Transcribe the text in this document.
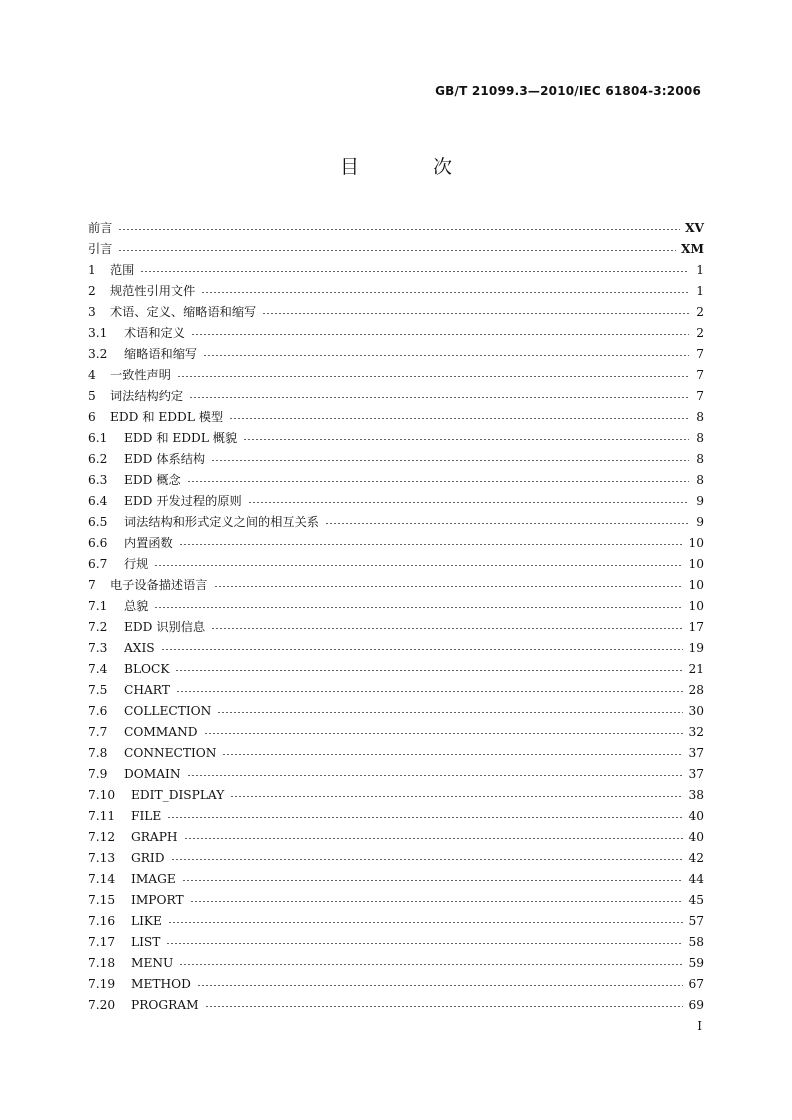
GB/T 21099.3—2010/IEC 61804-3:2006
目 次
前言	XV
引言	XM
1	范围	1
2	规范性引用文件	1
3	术语、定义、缩略语和缩写	2
3.1	术语和定义	2
3.2	缩略语和缩写	7
4	一致性声明	7
5	词法结构约定	7
6	EDD 和 EDDL 模型	8
6.1	EDD 和 EDDL 概貌	8
6.2	EDD 体系结构	8
6.3	EDD 概念	8
6.4	EDD 开发过程的原则	9
6.5	词法结构和形式定义之间的相互关系	9
6.6	内置函数	10
6.7	行规	10
7	电子设备描述语言	10
7.1	总貌	10
7.2	EDD 识别信息	17
7.3	AXIS	19
7.4	BLOCK	21
7.5	CHART	28
7.6	COLLECTION	30
7.7	COMMAND	32
7.8	CONNECTION	37
7.9	DOMAIN	37
7.10	EDIT_DISPLAY	38
7.11	FILE	40
7.12	GRAPH	40
7.13	GRID	42
7.14	IMAGE	44
7.15	IMPORT	45
7.16	LIKE	57
7.17	LIST	58
7.18	MENU	59
7.19	METHOD	67
7.20	PROGRAM	69
I
